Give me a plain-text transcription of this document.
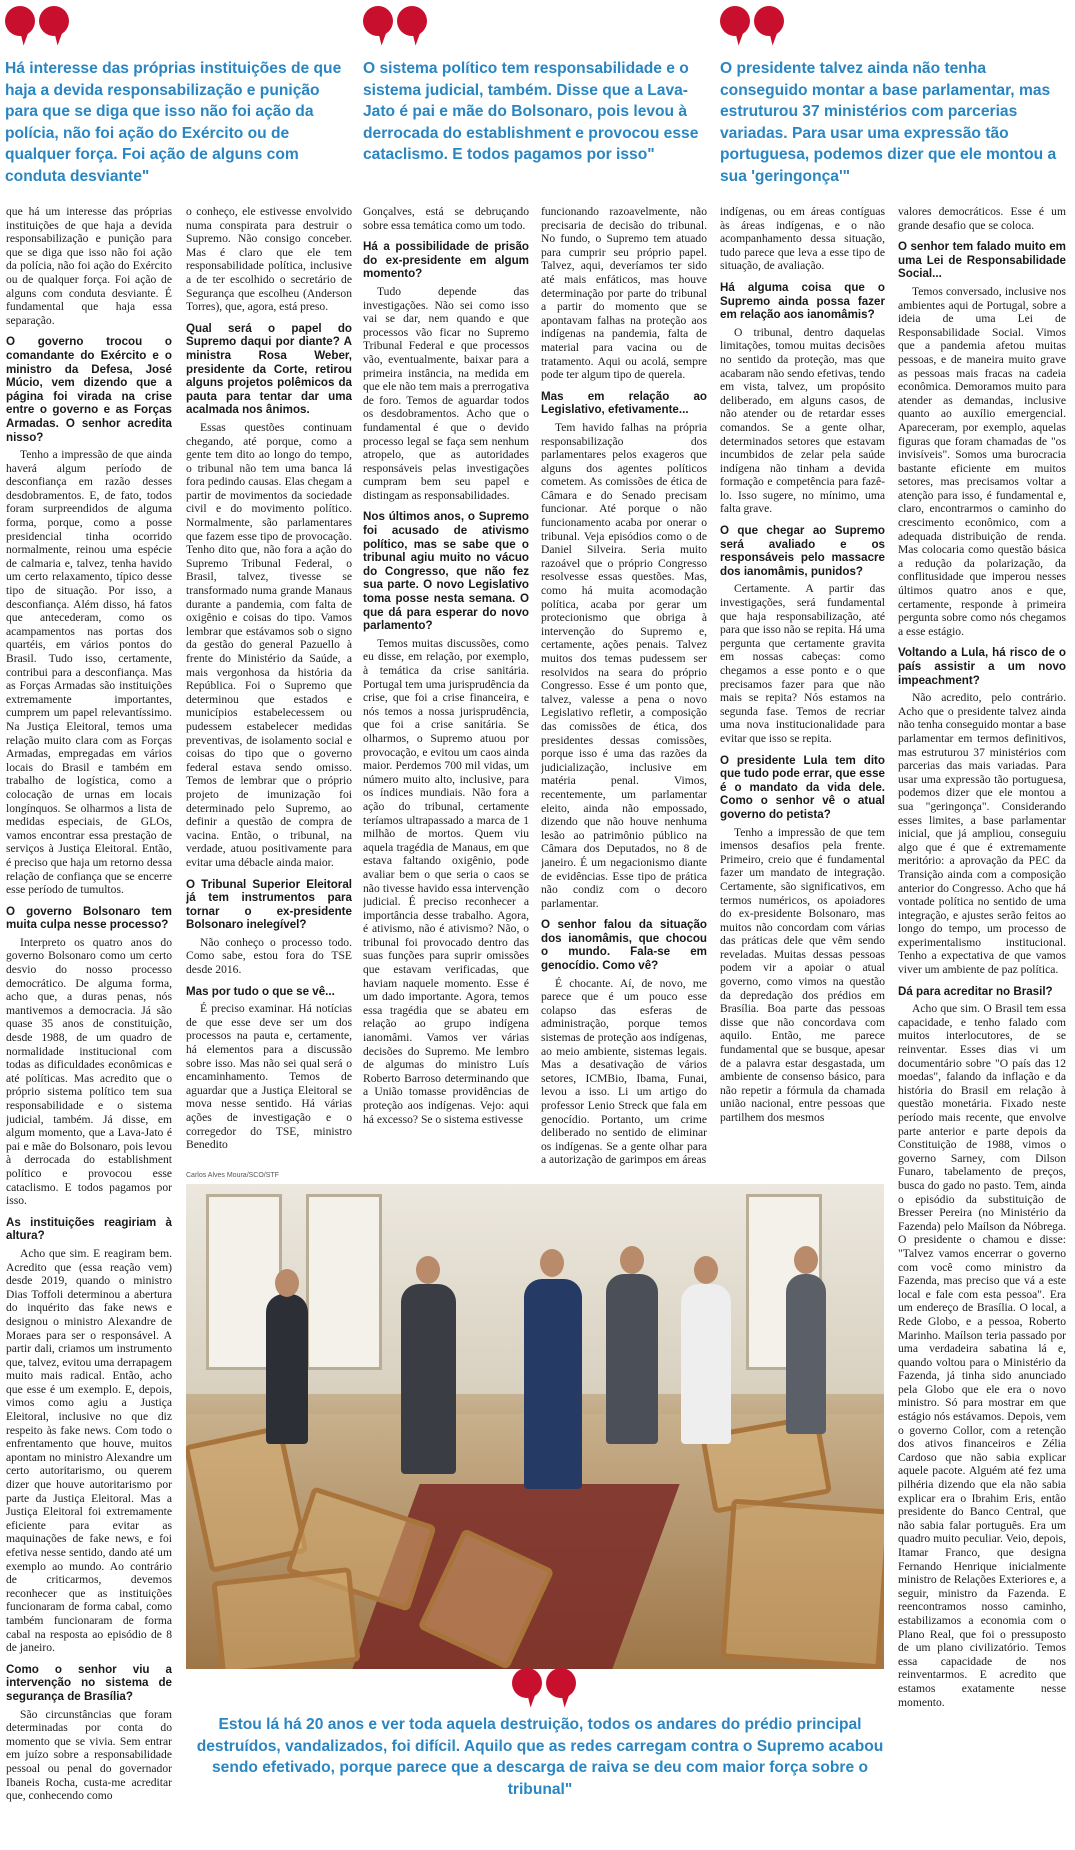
Há interesse das próprias instituições de que haja a devida responsabilização e punição para que se diga que isso não foi ação da polícia, não foi ação do Exército ou de qualquer força. Foi ação de alguns com conduta desviante"
O sistema político tem responsabilidade e o sistema judicial, também. Disse que a Lava-Jato é pai e mãe do Bolsonaro, pois levou à derrocada do establishment e provocou esse cataclismo. E todos pagamos por isso"
O presidente talvez ainda não tenha conseguido montar a base parlamentar, mas estruturou 37 ministérios com parcerias variadas. Para usar uma expressão tão portuguesa, podemos dizer que ele montou a sua 'geringonça'"

que há um interesse das próprias instituições de que haja a devida responsabilização e punição para que se diga que isso não foi ação da polícia, não foi ação do Exército ou de qualquer força. Foi ação de alguns com conduta desviante. É fundamental que haja essa separação.

O governo trocou o comandante do Exército e o ministro da Defesa, José Múcio, vem dizendo que a página foi virada na crise entre o governo e as Forças Armadas. O senhor acredita nisso?

Tenho a impressão de que ainda haverá algum período de desconfiança em razão desses desdobramentos. E, de fato, todos foram surpreendidos de alguma forma, porque, como a posse presidencial tinha ocorrido normalmente, reinou uma espécie de calmaria e, talvez, tenha havido um certo relaxamento, típico desse tipo de situação. Por isso, a desconfiança. Além disso, há fatos que antecederam, como os acampamentos nas portas dos quartéis, em vários pontos do Brasil. Tudo isso, certamente, contribui para a desconfiança. Mas as Forças Armadas são instituições extremamente importantes, cumprem um papel relevantíssimo. Na Justiça Eleitoral, temos uma relação muito clara com as Forças Armadas, empregadas em vários locais do Brasil e também em trabalho de logística, como a colocação de urnas em locais longínquos. Se olharmos a lista de medidas especiais, de GLOs, vamos encontrar essa prestação de serviços à Justiça Eleitoral. Então, é preciso que haja um retorno dessa relação de confiança que se encerre esse período de tumultos.

O governo Bolsonaro tem muita culpa nesse processo?

Interpreto os quatro anos do governo Bolsonaro como um certo desvio do nosso processo democrático. De alguma forma, acho que, a duras penas, nós mantivemos a democracia. Já são quase 35 anos de constituição, desde 1988, de um quadro de normalidade institucional com todas as dificuldades econômicas e até políticas. Mas acredito que o próprio sistema político tem sua responsabilidade e o sistema judicial, também. Já disse, em algum momento, que a Lava-Jato é pai e mãe do Bolsonaro, pois levou à derrocada do establishment político e provocou esse cataclismo. E todos pagamos por isso.

As instituições reagiriam à altura?

Acho que sim. E reagiram bem. Acredito que (essa reação vem) desde 2019, quando o ministro Dias Toffoli determinou a abertura do inquérito das fake news e designou o ministro Alexandre de Moraes para ser o responsável. A partir dali, criamos um instrumento que, talvez, evitou uma derrapagem muito mais radical. Então, acho que esse é um exemplo. E, depois, vimos como agiu a Justiça Eleitoral, inclusive no que diz respeito às fake news. Com todo o enfrentamento que houve, muitos apontam no ministro Alexandre um certo autoritarismo, ou querem dizer que houve autoritarismo por parte da Justiça Eleitoral. Mas a Justiça Eleitoral foi extremamente eficiente para evitar as maquinações de fake news, e foi efetiva nesse sentido, dando até um exemplo ao mundo. Ao contrário de criticarmos, devemos reconhecer que as instituições funcionaram de forma cabal, como também funcionaram de forma cabal na resposta ao episódio de 8 de janeiro.

Como o senhor viu a intervenção no sistema de segurança de Brasília?

São circunstâncias que foram determinadas por conta do momento que se vivia. Sem entrar em juízo sobre a responsabilidade pessoal ou penal do governador Ibaneis Rocha, custa-me acreditar que, conhecendo como

o conheço, ele estivesse envolvido numa conspirata para destruir o Supremo. Não consigo conceber. Mas é claro que ele tem responsabilidade política, inclusive a de ter escolhido o secretário de Segurança que escolheu (Anderson Torres), que, agora, está preso.

Qual será o papel do Supremo daqui por diante? A ministra Rosa Weber, presidente da Corte, retirou alguns projetos polêmicos da pauta para tentar dar uma acalmada nos ânimos.

Essas questões continuam chegando, até porque, como a gente tem dito ao longo do tempo, o tribunal não tem uma banca lá fora pedindo causas. Elas chegam a partir de movimentos da sociedade civil e do movimento político. Normalmente, são parlamentares que fazem esse tipo de provocação. Tenho dito que, não fora a ação do Supremo Tribunal Federal, o Brasil, talvez, tivesse se transformado numa grande Manaus durante a pandemia, com falta de oxigênio e coisas do tipo. Vamos lembrar que estávamos sob o signo da gestão do general Pazuello à frente do Ministério da Saúde, a mais vergonhosa da história da República. Foi o Supremo que determinou que estados e municípios estabelecessem ou pudessem estabelecer medidas preventivas, de isolamento social e coisas do tipo que o governo federal estava sendo omisso. Temos de lembrar que o próprio projeto de imunização foi determinado pelo Supremo, ao definir a questão de compra de vacina. Então, o tribunal, na verdade, atuou positivamente para evitar uma débacle ainda maior.

O Tribunal Superior Eleitoral já tem instrumentos para tornar o ex-presidente Bolsonaro inelegível?

Não conheço o processo todo. Como sabe, estou fora do TSE desde 2016.

Mas por tudo o que se vê...

É preciso examinar. Há notícias de que esse deve ser um dos processos na pauta e, certamente, há elementos para a discussão sobre isso. Mas não sei qual será o encaminhamento. Temos de aguardar que a Justiça Eleitoral se mova nesse sentido. Há várias ações de investigação e o corregedor do TSE, ministro Benedito

Gonçalves, está se debruçando sobre essa temática como um todo.

Há a possibilidade de prisão do ex-presidente em algum momento?

Tudo depende das investigações. Não sei como isso vai se dar, nem quando e que processos vão ficar no Supremo Tribunal Federal e que processos vão, eventualmente, baixar para a primeira instância, na medida em que ele não tem mais a prerrogativa de foro. Temos de aguardar todos os desdobramentos. Acho que o fundamental é que o devido processo legal se faça sem nenhum atropelo, que as autoridades responsáveis pelas investigações cumpram bem seu papel e distingam as responsabilidades.

Nos últimos anos, o Supremo foi acusado de ativismo político, mas se sabe que o tribunal agiu muito no vácuo do Congresso, que não fez sua parte. O novo Legislativo toma posse nesta semana. O que dá para esperar do novo parlamento?

Temos muitas discussões, como eu disse, em relação, por exemplo, à temática da crise sanitária. Portugal tem uma jurisprudência da crise, que foi a crise financeira, e nós temos a nossa jurisprudência, que foi a crise sanitária. Se olharmos, o Supremo atuou por provocação, e evitou um caos ainda maior. Perdemos 700 mil vidas, um número muito alto, inclusive, para os índices mundiais. Não fora a ação do tribunal, certamente teríamos ultrapassado a marca de 1 milhão de mortos. Quem viu aquela tragédia de Manaus, em que estava faltando oxigênio, pode avaliar bem o que seria o caos se não tivesse havido essa intervenção judicial. É preciso reconhecer a importância desse trabalho. Agora, é ativismo, não é ativismo? Não, o tribunal foi provocado dentro das suas funções para suprir omissões que estavam verificadas, que haviam naquele momento. Esse é um dado importante. Agora, temos essa tragédia que se abateu em relação ao grupo indígena ianomâmi. Vamos ver várias decisões do Supremo. Me lembro de algumas do ministro Luís Roberto Barroso determinando que a União tomasse providências de proteção aos indígenas. Vejo: aqui há excesso? Se o sistema estivesse

funcionando razoavelmente, não precisaria de decisão do tribunal. No fundo, o Supremo tem atuado para cumprir seu próprio papel. Talvez, aqui, deveríamos ter sido até mais enfáticos, mas houve determinação por parte do tribunal a partir do momento que se apontavam falhas na proteção aos indígenas na pandemia, falta de material para vacina ou de tratamento. Aqui ou acolá, sempre pode ter algum tipo de querela.

Mas em relação ao Legislativo, efetivamente...

Tem havido falhas na própria responsabilização dos parlamentares pelos exageros que alguns dos agentes políticos cometem. As comissões de ética de Câmara e do Senado precisam funcionar. Até porque o não funcionamento acaba por onerar o tribunal. Veja episódios como o de Daniel Silveira. Seria muito razoável que o próprio Congresso resolvesse essas questões. Mas, como há muita acomodação política, acaba por gerar um protecionismo que obriga à intervenção do Supremo e, certamente, ações penais. Talvez muitos dos temas pudessem ser resolvidos na seara do próprio Congresso. Esse é um ponto que, talvez, valesse a pena o novo Legislativo refletir, a composição das comissões de ética, dos presidentes dessas comissões, porque isso é uma das razões da judicialização, inclusive em matéria penal. Vimos, recentemente, um parlamentar eleito, ainda não empossado, dizendo que não houve nenhuma lesão ao patrimônio público na Câmara dos Deputados, no 8 de janeiro. É um negacionismo diante de evidências. Esse tipo de prática não condiz com o decoro parlamentar.

O senhor falou da situação dos ianomâmis, que chocou o mundo. Fala-se em genocídio. Como vê?

É chocante. Aí, de novo, me parece que é um pouco esse colapso das esferas de administração, porque temos sistemas de proteção aos indígenas, ao meio ambiente, sistemas legais. Mas a desativação de vários setores, ICMBio, Ibama, Funai, levou a isso. Li um artigo do professor Lenio Streck que fala em genocídio. Portanto, um crime deliberado no sentido de eliminar os indígenas. Se a gente olhar para a autorização de garimpos em áreas

indígenas, ou em áreas contíguas às áreas indígenas, e o não acompanhamento dessa situação, tudo parece que leva a esse tipo de situação, de avaliação.

Há alguma coisa que o Supremo ainda possa fazer em relação aos ianomâmis?

O tribunal, dentro daquelas limitações, tomou muitas decisões no sentido da proteção, mas que acabaram não sendo efetivas, tendo em vista, talvez, um propósito deliberado, em alguns casos, de não atender ou de retardar esses comandos. Se a gente olhar, determinados setores que estavam incumbidos de zelar pela saúde indígena não tinham a devida formação e competência para fazê-lo. Isso sugere, no mínimo, uma falta grave.

O que chegar ao Supremo será avaliado e os responsáveis pelo massacre dos ianomâmis, punidos?

Certamente. A partir das investigações, será fundamental que haja responsabilização, até para que isso não se repita. Há uma pergunta que certamente gravita em nossas cabeças: como chegamos a esse ponto e o que precisamos fazer para que não mais se repita? Nós estamos na segunda fase. Temos de recriar uma nova institucionalidade para evitar que isso se repita.

O presidente Lula tem dito que tudo pode errar, que esse é o mandato da vida dele. Como o senhor vê o atual governo do petista?

Tenho a impressão de que tem imensos desafios pela frente. Primeiro, creio que é fundamental fazer um mandato de integração. Certamente, são significativos, em termos numéricos, os apoiadores do ex-presidente Bolsonaro, mas muitos não concordam com várias das práticas dele que vêm sendo reveladas. Muitas dessas pessoas podem vir a apoiar o atual governo, como vimos na questão da depredação dos prédios em Brasília. Boa parte das pessoas disse que não concordava com aquilo. Então, me parece fundamental que se busque, apesar de a palavra estar desgastada, um ambiente de consenso básico, para não repetir a fórmula da chamada união nacional, entre pessoas que partilhem dos mesmos

valores democráticos. Esse é um grande desafio que se coloca.

O senhor tem falado muito em uma Lei de Responsabilidade Social...

Temos conversado, inclusive nos ambientes aqui de Portugal, sobre a ideia de uma Lei de Responsabilidade Social. Vimos que a pandemia afetou muitas pessoas, e de maneira muito grave as pessoas mais fracas na cadeia econômica. Demoramos muito para atender as demandas, inclusive quanto ao auxílio emergencial. Apareceram, por exemplo, aquelas figuras que foram chamadas de "os invisíveis". Somos uma burocracia bastante eficiente em muitos setores, mas precisamos voltar a atenção para isso, é fundamental e, claro, encontrarmos o caminho do crescimento econômico, com a adequada distribuição de renda. Mas colocaria como questão básica a redução da polarização, da conflitusidade que imperou nesses últimos quatro anos e que, certamente, responde à primeira pergunta sobre como nós chegamos a esse estágio.

Voltando a Lula, há risco de o país assistir a um novo impeachment?

Não acredito, pelo contrário. Acho que o presidente talvez ainda não tenha conseguido montar a base parlamentar em termos definitivos, mas estruturou 37 ministérios com parcerias das mais variadas. Para usar uma expressão tão portuguesa, podemos dizer que ele montou a sua "geringonça". Considerando esses limites, a base parlamentar inicial, que já ampliou, conseguiu algo que é que é extremamente meritório: a aprovação da PEC da Transição ainda com a composição anterior do Congresso. Acho que há vontade política no sentido de uma integração, e ajustes serão feitos ao longo do tempo, um processo de experimentalismo institucional. Tenho a expectativa de que vamos viver um ambiente de paz política.

Dá para acreditar no Brasil?

Acho que sim. O Brasil tem essa capacidade, e tenho falado com muitos interlocutores, de se reinventar. Esses dias vi um documentário sobre "O país das 12 moedas", falando da inflação e da história do Brasil em relação à questão monetária. Fixado neste período mais recente, que envolve parte anterior e parte depois da Constituição de 1988, vimos o governo Sarney, com Dilson Funaro, tabelamento de preços, busca do gado no pasto. Tem, ainda o episódio da substituição de Bresser Pereira (no Ministério da Fazenda) pelo Maílson da Nóbrega. O presidente o chamou e disse: "Talvez vamos encerrar o governo com você como ministro da Fazenda, mas preciso que vá a este local e fale com esta pessoa". Era um endereço de Brasília. O local, a Rede Globo, e a pessoa, Roberto Marinho. Maílson teria passado por uma verdadeira sabatina lá e, quando voltou para o Ministério da Fazenda, já tinha sido anunciado pela Globo que ele era o novo ministro. Só para mostrar em que estágio nós estávamos. Depois, vem o governo Collor, com a retenção dos ativos financeiros e Zélia Cardoso que não sabia explicar aquele pacote. Alguém até fez uma pilhéria dizendo que ela não sabia explicar era o Ibrahim Eris, então presidente do Banco Central, que não sabia falar português. Era um quadro muito peculiar. Veio, depois, Itamar Franco, que designa Fernando Henrique inicialmente ministro de Relações Exteriores e, a seguir, ministro da Fazenda. E reencontramos nosso caminho, estabilizamos a economia com o Plano Real, que foi o pressuposto de um plano civilizatório. Temos essa capacidade de nos reinventarmos. E acredito que estamos exatamente nesse momento.

Carlos Alves Moura/SCO/STF
Estou lá há 20 anos e ver toda aquela destruição, todos os andares do prédio principal destruídos, vandalizados, foi difícil. Aquilo que as redes carregam contra o Supremo acabou sendo efetivado, porque parece que a descarga de raiva se deu com maior força sobre o tribunal"
